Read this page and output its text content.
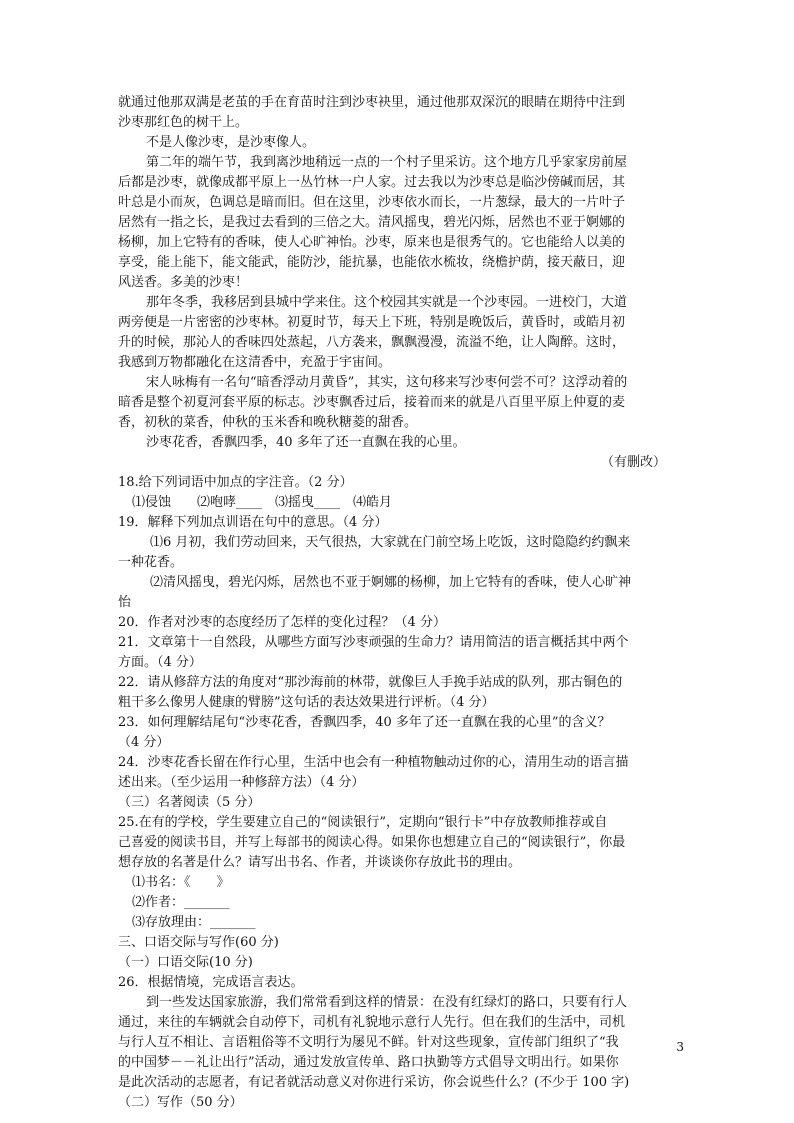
就通过他那双满是老茧的手在育苗时注到沙枣袂里，通过他那双深沉的眼睛在期待中注到
沙枣那红色的树干上。
不是人像沙枣，是沙枣像人。
第二年的端午节，我到离沙地稍远一点的一个村子里采访。这个地方几乎家家房前屋
后都是沙枣，就像成都平原上一丛竹林一户人家。过去我以为沙枣总是临沙傍碱而居，其
叶总是小而灰，色调总是暗而旧。但在这里，沙枣依水而长，一片葱绿，最大的一片叶子
居然有一指之长，是我过去看到的三倍之大。清风摇曳，碧光闪烁，居然也不亚于婀娜的
杨柳，加上它特有的香味，使人心旷神怡。沙枣，原来也是很秀气的。它也能给人以美的
享受，能上能下，能文能武，能防沙，能抗暴，也能依水梳妆，绕檐护荫，接天蔽日，迎
风送香。多美的沙枣！
那年冬季，我移居到县城中学来住。这个校园其实就是一个沙枣园。一进校门，大道
两旁便是一片密密的沙枣林。初夏时节，每天上下班，特别是晚饭后，黄昏时，或皓月初
升的时候，那沁人的香味四处蒸起，八方袭来，飘飘漫漫，流溢不绝，让人陶醉。这时，
我感到万物都融化在这清香中，充盈于宇宙间。
宋人咏梅有一名句“暗香浮动月黄昏”，其实，这句移来写沙枣何尝不可？这浮动着的
暗香是整个初夏河套平原的标志。沙枣飘香过后，接着而来的就是八百里平原上仲夏的麦
香，初秋的菜香，仲秋的玉米香和晚秋糖菱的甜香。
沙枣花香，香飘四季，40 多年了还一直飘在我的心里。
（有删改）
18.给下列词语中加点的字注音。（2 分）
⑴侵蚀　　⑵咆哮____　⑶摇曳____　⑷皓月
19．解释下列加点训语在句中的意思。（4 分）
⑴6 月初，我们劳动回来，天气很热，大家就在门前空场上吃饭，这时隐隐约约飘来
一种花香。
⑵清风摇曳，碧光闪烁，居然也不亚于婀娜的杨柳，加上它特有的香味，使人心旷神
怡
20．作者对沙枣的态度经历了怎样的变化过程？（4 分）
21．文章第十一自然段，从哪些方面写沙枣顽强的生命力？请用简洁的语言概括其中两个
方面。（4 分）
22．请从修辞方法的角度对“那沙海前的林带，就像巨人手挽手站成的队列，那古铜色的
粗干多么像男人健康的臂膀”这句话的表达效果进行评析。（4 分）
23．如何理解结尾句“沙枣花香，香飘四季，40 多年了还一直飘在我的心里”的含义？
（4 分）
24．沙枣花香长留在作行心里，生活中也会有一种植物触动过你的心，清用生动的语言描
述出来。（至少运用一种修辞方法）（4 分）
（三）名著阅读（5 分）
25.在有的学校，学生要建立自己的“阅读银行”，定期向“银行卡”中存放教师推荐或自
己喜爱的阅读书目，并写上每部书的阅读心得。如果你也想建立自己的“阅读银行”，你最
想存放的名著是什么？请写出书名、作者，并谈谈你存放此书的理由。
⑴书名：《　　》
⑵作者：_______
⑶存放理由：_______
三、口语交际与写作(60 分)
（一）口语交际(10 分)
26．根据情境，完成语言表达。
到一些发达国家旅游，我们常常看到这样的情景：在没有红绿灯的路口，只要有行人
通过，来往的车辆就会自动停下，司机有礼貌地示意行人先行。但在我们的生活中，司机
与行人互不相让、言语粗俗等不文明行为屡见不鲜。针对这些现象，宣传部门组织了“我
的中国梦－－礼让出行”活动，通过发放宣传单、路口执勤等方式倡导文明出行。如果你
是此次活动的志愿者，有记者就活动意义对你进行采访，你会说些什么？(不少于 100 字)
（二）写作（50 分）
3
